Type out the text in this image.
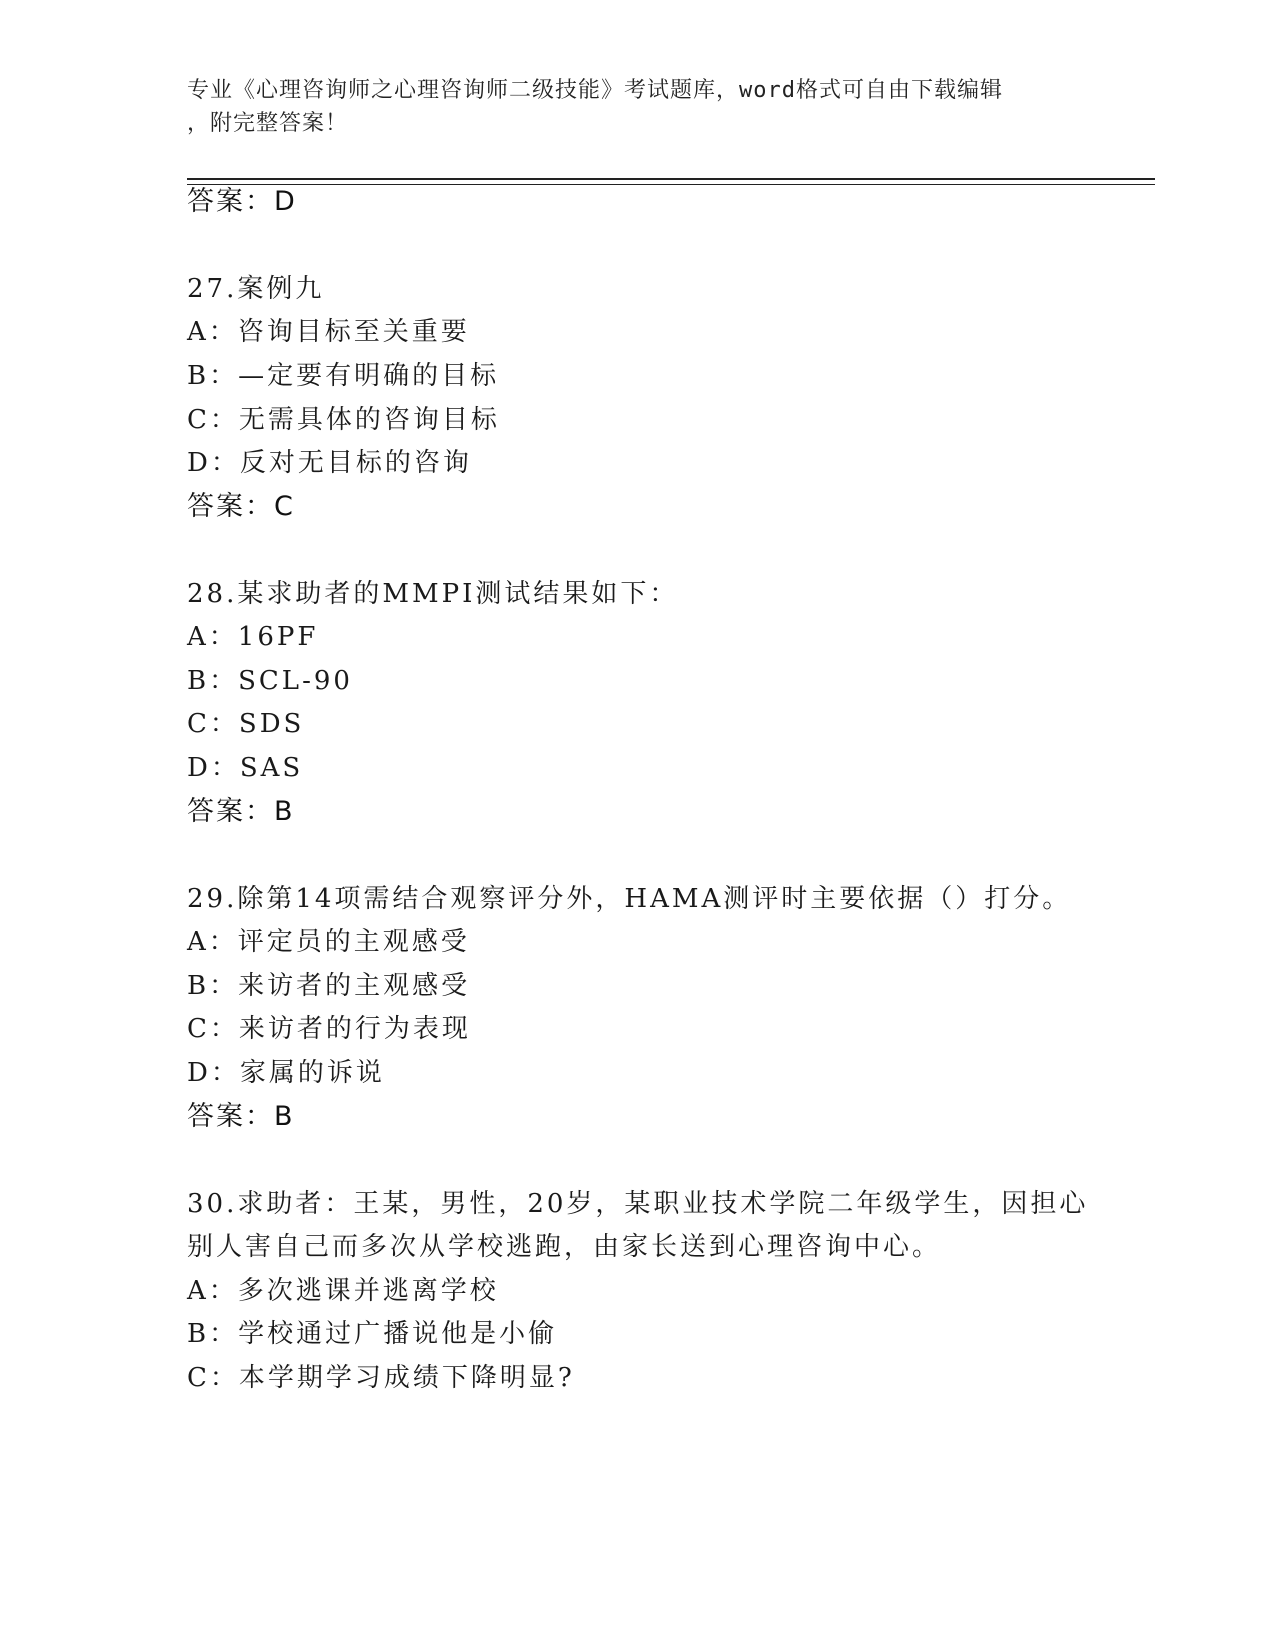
专业《心理咨询师之心理咨询师二级技能》考试题库，word格式可自由下载编辑
，附完整答案！
答案：D
27.案例九
A：咨询目标至关重要
B：—定要有明确的目标
C：无需具体的咨询目标
D：反对无目标的咨询
答案：C
28.某求助者的MMPI测试结果如下：
A：16PF
B：SCL-90
C：SDS
D：SAS
答案：B
29.除第14项需结合观察评分外，HAMA测评时主要依据（）打分。
A：评定员的主观感受
B：来访者的主观感受
C：来访者的行为表现
D：家属的诉说
答案：B
30.求助者：王某，男性，20岁，某职业技术学院二年级学生，因担心
别人害自己而多次从学校逃跑，由家长送到心理咨询中心。
A：多次逃课并逃离学校
B：学校通过广播说他是小偷
C：本学期学习成绩下降明显?
